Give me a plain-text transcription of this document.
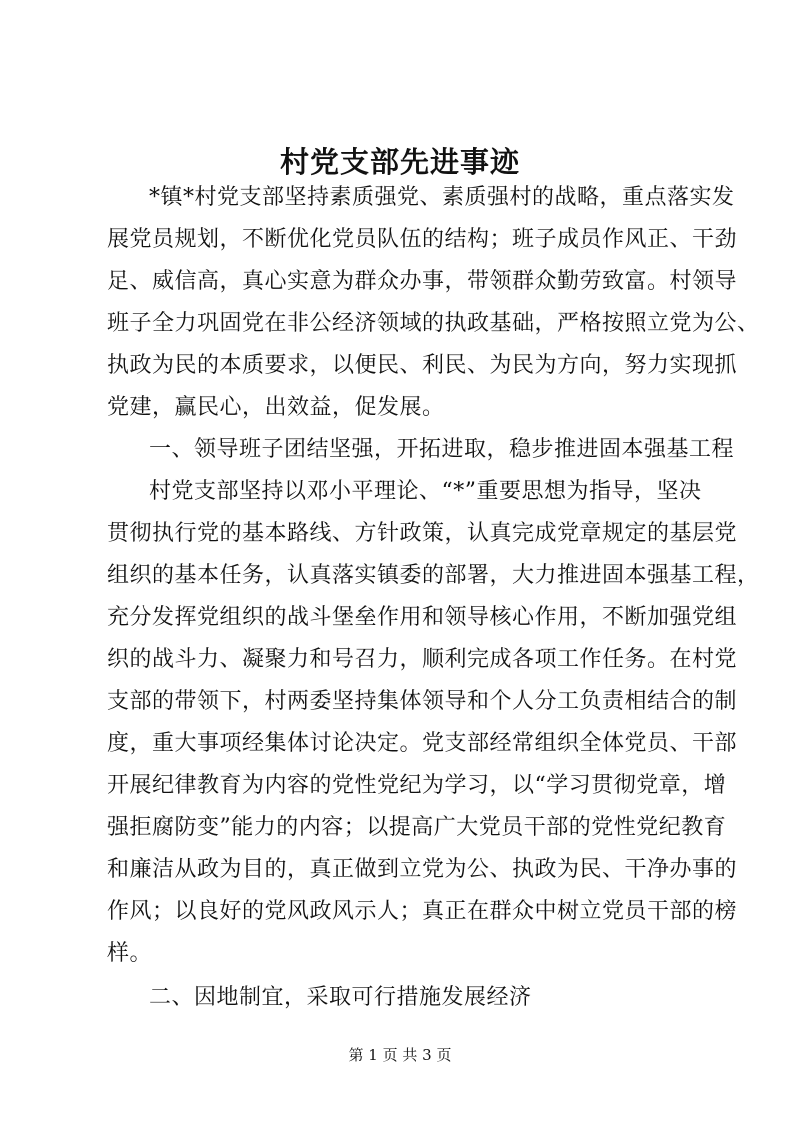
村党支部先进事迹
*镇*村党支部坚持素质强党、素质强村的战略，重点落实发
展党员规划，不断优化党员队伍的结构；班子成员作风正、干劲
足、威信高，真心实意为群众办事，带领群众勤劳致富。村领导
班子全力巩固党在非公经济领域的执政基础，严格按照立党为公、
执政为民的本质要求，以便民、利民、为民为方向，努力实现抓
党建，赢民心，出效益，促发展。
一、领导班子团结坚强，开拓进取，稳步推进固本强基工程
村党支部坚持以邓小平理论、“*”重要思想为指导，坚决
贯彻执行党的基本路线、方针政策，认真完成党章规定的基层党
组织的基本任务，认真落实镇委的部署，大力推进固本强基工程，
充分发挥党组织的战斗堡垒作用和领导核心作用，不断加强党组
织的战斗力、凝聚力和号召力，顺利完成各项工作任务。在村党
支部的带领下，村两委坚持集体领导和个人分工负责相结合的制
度，重大事项经集体讨论决定。党支部经常组织全体党员、干部
开展纪律教育为内容的党性党纪为学习，以“学习贯彻党章，增
强拒腐防变”能力的内容；以提高广大党员干部的党性党纪教育
和廉洁从政为目的，真正做到立党为公、执政为民、干净办事的
作风；以良好的党风政风示人；真正在群众中树立党员干部的榜
样。
二、因地制宜，采取可行措施发展经济
第 1 页 共 3 页
